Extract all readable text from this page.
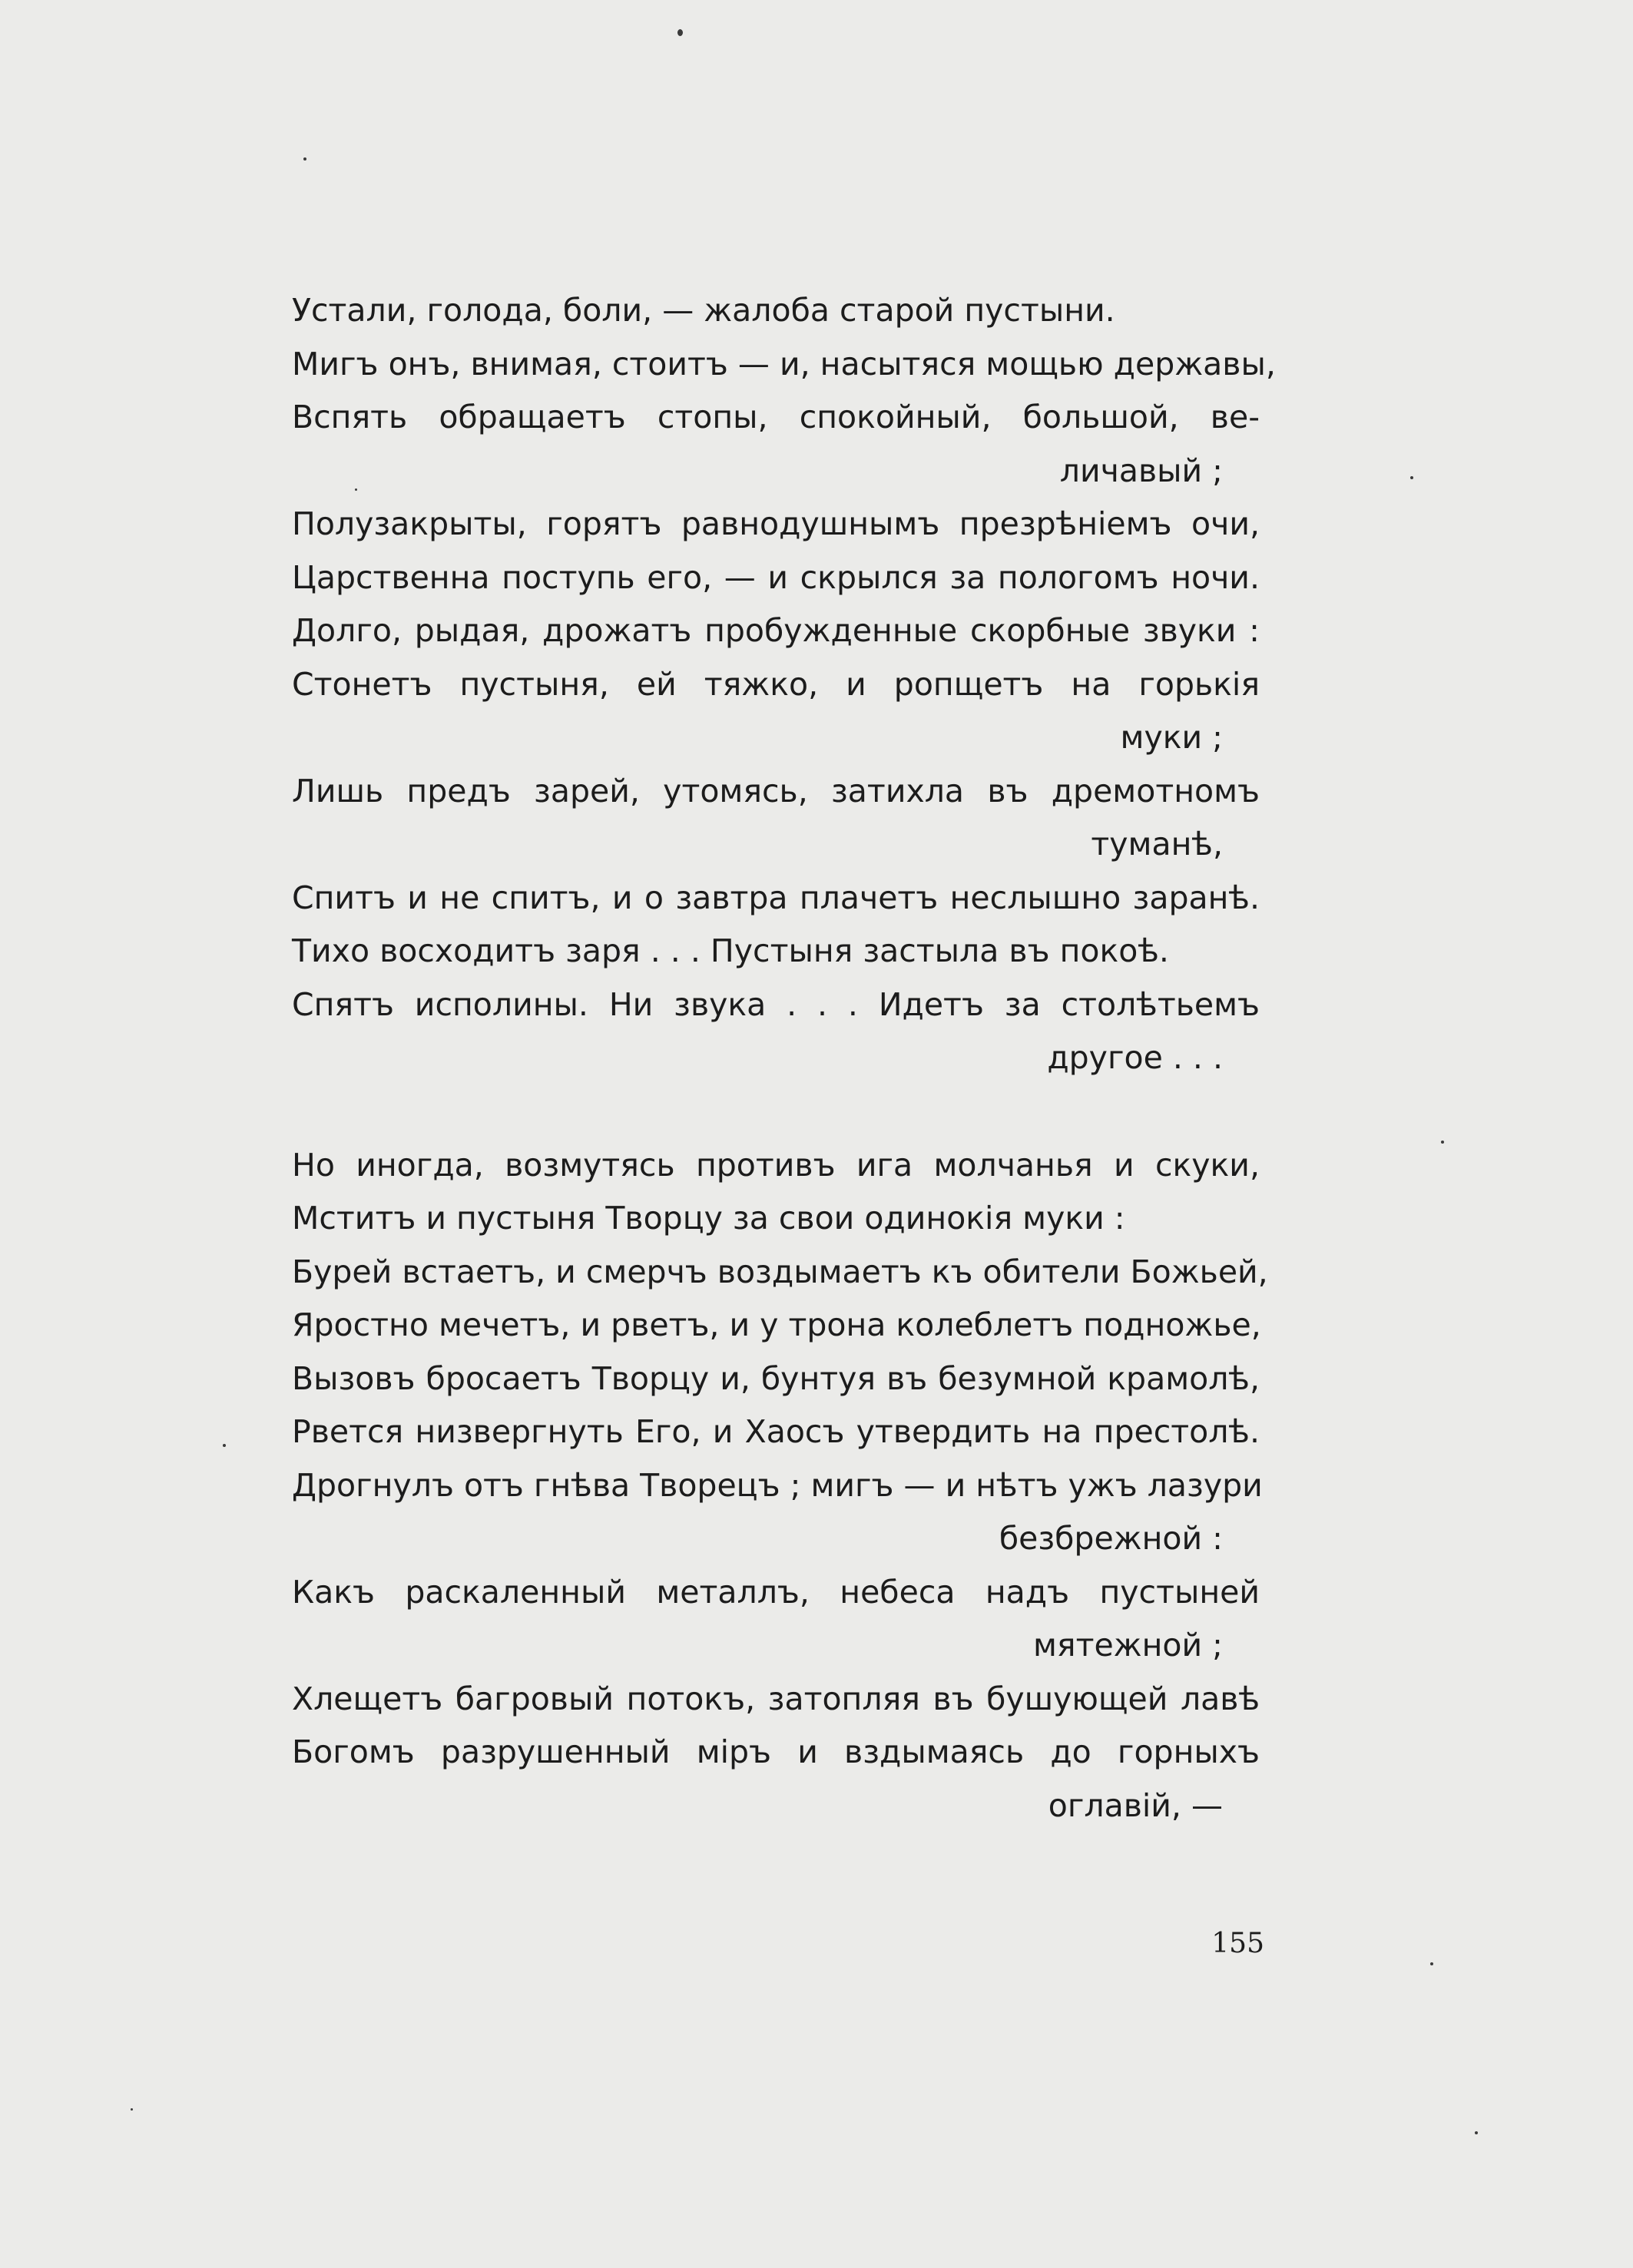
Устали, голода, боли, — жалоба старой пустыни.
Мигъ онъ, внимая, стоитъ — и, насытяся мощью державы,
Вспять обращаетъ стопы, спокойный, большой, ве-
личавый ;
Полузакрыты, горятъ равнодушнымъ презрѣніемъ очи,
Царственна поступь его, — и скрылся за пологомъ ночи.
Долго, рыдая, дрожатъ пробужденные скорбные звуки :
Стонетъ пустыня, ей тяжко, и ропщетъ на горькія
муки ;
Лишь предъ зарей, утомясь, затихла въ дремотномъ
туманѣ,
Спитъ и не спитъ, и о завтра плачетъ неслышно заранѣ.
Тихо восходитъ заря . . . Пустыня застыла въ покоѣ.
Спятъ исполины. Ни звука . . . Идетъ за столѣтьемъ
другое . . .
Но иногда, возмутясь противъ ига молчанья и скуки,
Мститъ и пустыня Творцу за свои одинокія муки :
Бурей встаетъ, и смерчъ воздымаетъ къ обители Божьей,
Яростно мечетъ, и рветъ, и у трона колеблетъ подножье,
Вызовъ бросаетъ Творцу и, бунтуя въ безумной крамолѣ,
Рвется низвергнуть Его, и Хаосъ утвердить на престолѣ.
Дрогнулъ отъ гнѣва Творецъ ; мигъ — и нѣтъ ужъ лазури
безбрежной :
Какъ раскаленный металлъ, небеса надъ пустыней
мятежной ;
Хлещетъ багровый потокъ, затопляя въ бушующей лавѣ
Богомъ разрушенный міръ и вздымаясь до горныхъ
оглавій, —
155
